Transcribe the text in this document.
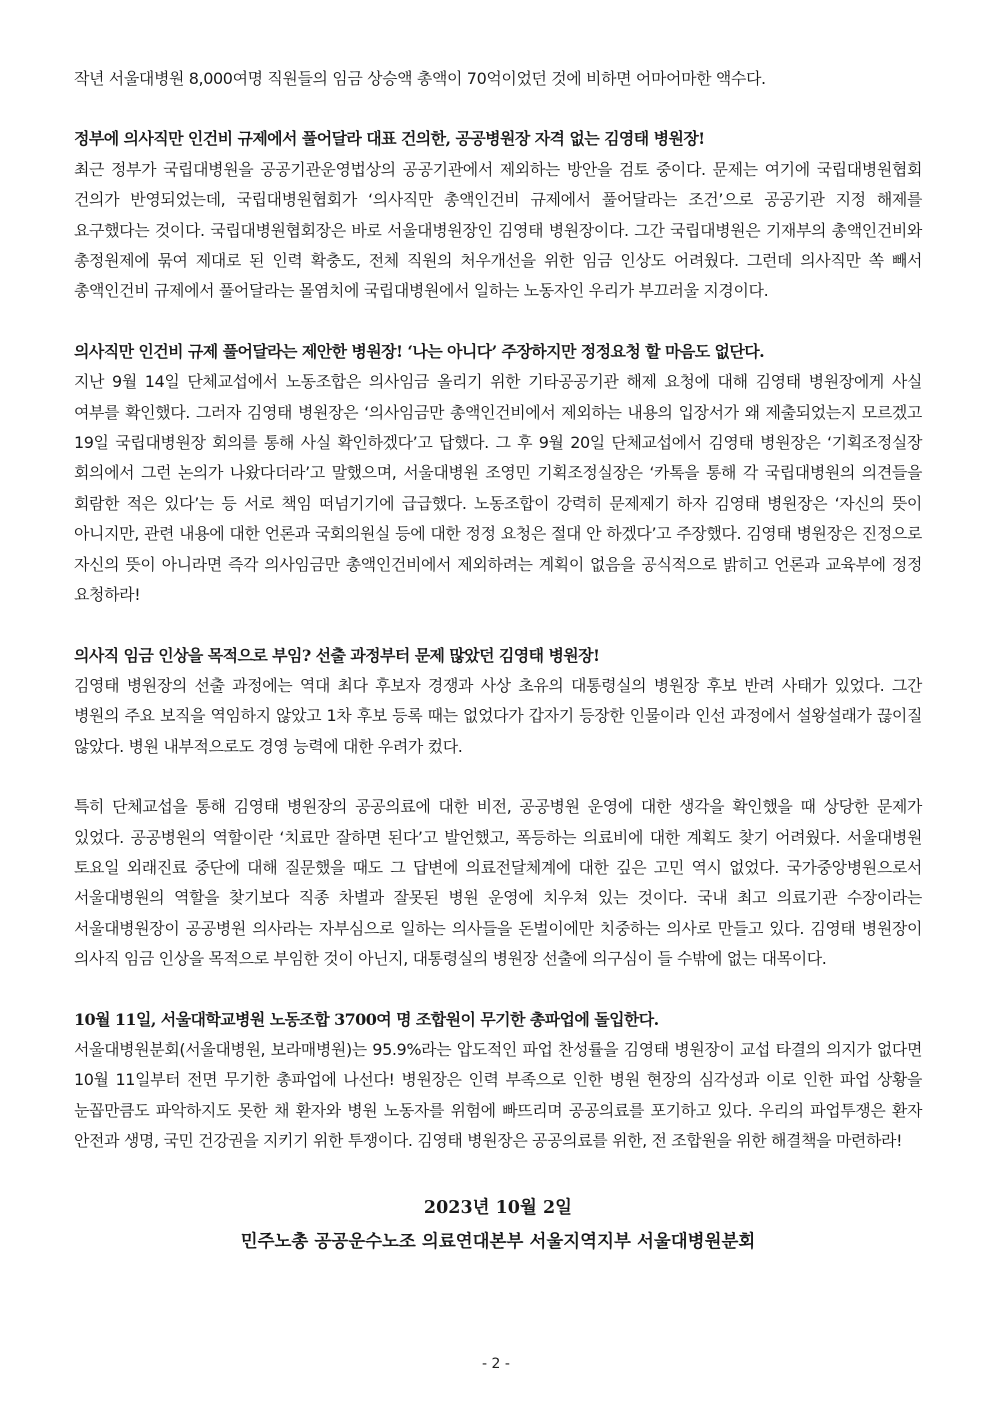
작년 서울대병원 8,000여명 직원들의 임금 상승액 총액이 70억이었던 것에 비하면 어마어마한 액수다.

정부에 의사직만 인건비 규제에서 풀어달라 대표 건의한, 공공병원장 자격 없는 김영태 병원장!

최근 정부가 국립대병원을 공공기관운영법상의 공공기관에서 제외하는 방안을 검토 중이다. 문제는 여기에 국립대병원협회 건의가 반영되었는데, 국립대병원협회가 ‘의사직만 총액인건비 규제에서 풀어달라는 조건’으로 공공기관 지정 해제를 요구했다는 것이다. 국립대병원협회장은 바로 서울대병원장인 김영태 병원장이다. 그간 국립대병원은 기재부의 총액인건비와 총정원제에 묶여 제대로 된 인력 확충도, 전체 직원의 처우개선을 위한 임금 인상도 어려웠다. 그런데 의사직만 쏙 빼서 총액인건비 규제에서 풀어달라는 몰염치에 국립대병원에서 일하는 노동자인 우리가 부끄러울 지경이다.

의사직만 인건비 규제 풀어달라는 제안한 병원장! ‘나는 아니다’ 주장하지만 정정요청 할 마음도 없단다.

지난 9월 14일 단체교섭에서 노동조합은 의사임금 올리기 위한 기타공공기관 해제 요청에 대해 김영태 병원장에게 사실 여부를 확인했다. 그러자 김영태 병원장은 ‘의사임금만 총액인건비에서 제외하는 내용의 입장서가 왜 제출되었는지 모르겠고 19일 국립대병원장 회의를 통해 사실 확인하겠다’고 답했다. 그 후 9월 20일 단체교섭에서 김영태 병원장은 ‘기획조정실장 회의에서 그런 논의가 나왔다더라’고 말했으며, 서울대병원 조영민 기획조정실장은 ‘카톡을 통해 각 국립대병원의 의견들을 회람한 적은 있다’는 등 서로 책임 떠넘기기에 급급했다. 노동조합이 강력히 문제제기 하자 김영태 병원장은 ‘자신의 뜻이 아니지만, 관련 내용에 대한 언론과 국회의원실 등에 대한 정정 요청은 절대 안 하겠다’고 주장했다. 김영태 병원장은 진정으로 자신의 뜻이 아니라면 즉각 의사임금만 총액인건비에서 제외하려는 계획이 없음을 공식적으로 밝히고 언론과 교육부에 정정 요청하라!

의사직 임금 인상을 목적으로 부임? 선출 과정부터 문제 많았던 김영태 병원장!

김영태 병원장의 선출 과정에는 역대 최다 후보자 경쟁과 사상 초유의 대통령실의 병원장 후보 반려 사태가 있었다. 그간 병원의 주요 보직을 역임하지 않았고 1차 후보 등록 때는 없었다가 갑자기 등장한 인물이라 인선 과정에서 설왕설래가 끊이질 않았다. 병원 내부적으로도 경영 능력에 대한 우려가 컸다.

특히 단체교섭을 통해 김영태 병원장의 공공의료에 대한 비전, 공공병원 운영에 대한 생각을 확인했을 때 상당한 문제가 있었다. 공공병원의 역할이란 ‘치료만 잘하면 된다’고 발언했고, 폭등하는 의료비에 대한 계획도 찾기 어려웠다. 서울대병원 토요일 외래진료 중단에 대해 질문했을 때도 그 답변에 의료전달체계에 대한 깊은 고민 역시 없었다. 국가중앙병원으로서 서울대병원의 역할을 찾기보다 직종 차별과 잘못된 병원 운영에 치우쳐 있는 것이다. 국내 최고 의료기관 수장이라는 서울대병원장이 공공병원 의사라는 자부심으로 일하는 의사들을 돈벌이에만 치중하는 의사로 만들고 있다. 김영태 병원장이 의사직 임금 인상을 목적으로 부임한 것이 아닌지, 대통령실의 병원장 선출에 의구심이 들 수밖에 없는 대목이다.

10월 11일, 서울대학교병원 노동조합 3700여 명 조합원이 무기한 총파업에 돌입한다.

서울대병원분회(서울대병원, 보라매병원)는 95.9%라는 압도적인 파업 찬성률을 김영태 병원장이 교섭 타결의 의지가 없다면 10월 11일부터 전면 무기한 총파업에 나선다! 병원장은 인력 부족으로 인한 병원 현장의 심각성과 이로 인한 파업 상황을 눈꼽만큼도 파악하지도 못한 채 환자와 병원 노동자를 위험에 빠뜨리며 공공의료를 포기하고 있다. 우리의 파업투쟁은 환자 안전과 생명, 국민 건강권을 지키기 위한 투쟁이다. 김영태 병원장은 공공의료를 위한, 전 조합원을 위한 해결책을 마련하라!

2023년 10월 2일

민주노총 공공운수노조 의료연대본부 서울지역지부 서울대병원분회

- 2 -
